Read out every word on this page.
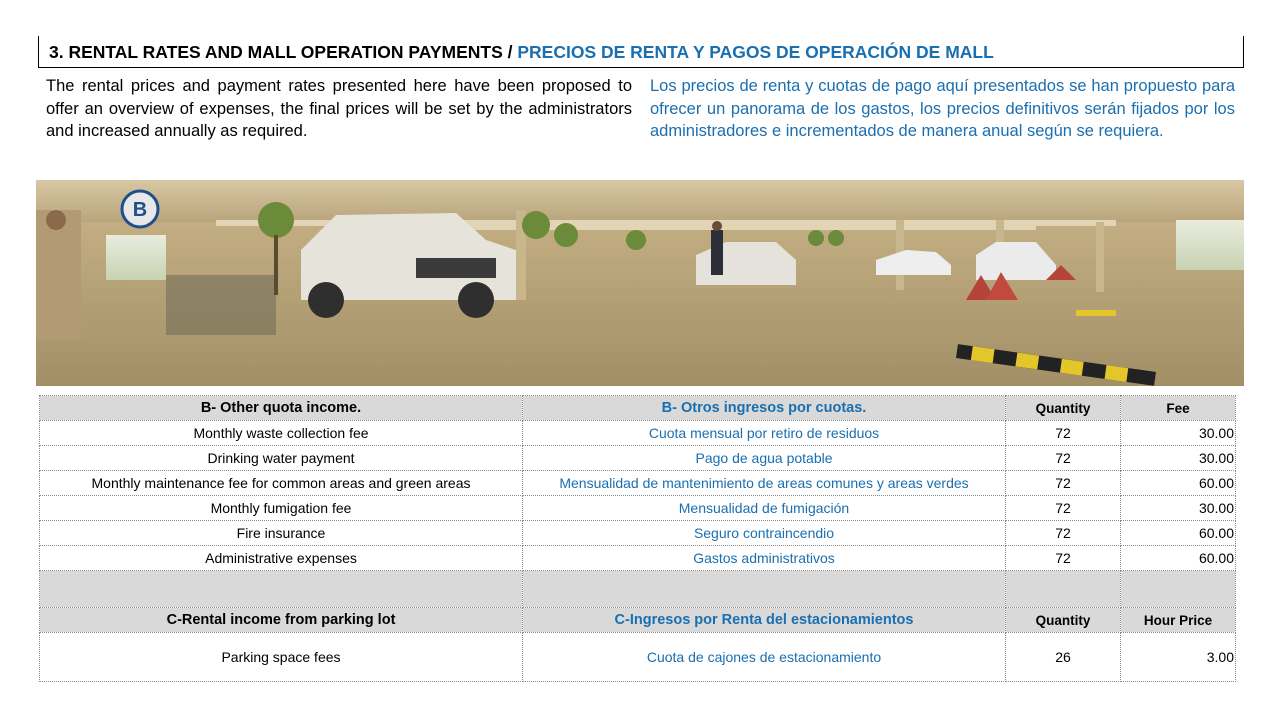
3. RENTAL RATES AND MALL OPERATION PAYMENTS / PRECIOS DE RENTA Y PAGOS DE OPERACIÓN DE MALL
The rental prices and payment rates presented here have been proposed to offer an overview of expenses, the final prices will be set by the administrators and increased annually as required.
Los precios de renta y cuotas de pago aquí presentados se han propuesto para ofrecer un panorama de los gastos, los precios definitivos serán fijados por los administradores e incrementados de manera anual según se requiera.
B
B- Other quota income.	B- Otros ingresos por cuotas.	Quantity	Fee
Monthly waste collection fee	Cuota mensual por retiro de residuos	72	30.00
Drinking water payment	Pago de agua potable	72	30.00
Monthly maintenance fee for common areas and green areas	Mensualidad de mantenimiento de areas comunes y areas verdes	72	60.00
Monthly fumigation fee	Mensualidad de fumigación	72	30.00
Fire insurance	Seguro contraincendio	72	60.00
Administrative expenses	Gastos administrativos	72	60.00

C-Rental income from parking lot	C-Ingresos por Renta del estacionamientos	Quantity	Hour Price
Parking space fees	Cuota de cajones de estacionamiento	26	3.00
